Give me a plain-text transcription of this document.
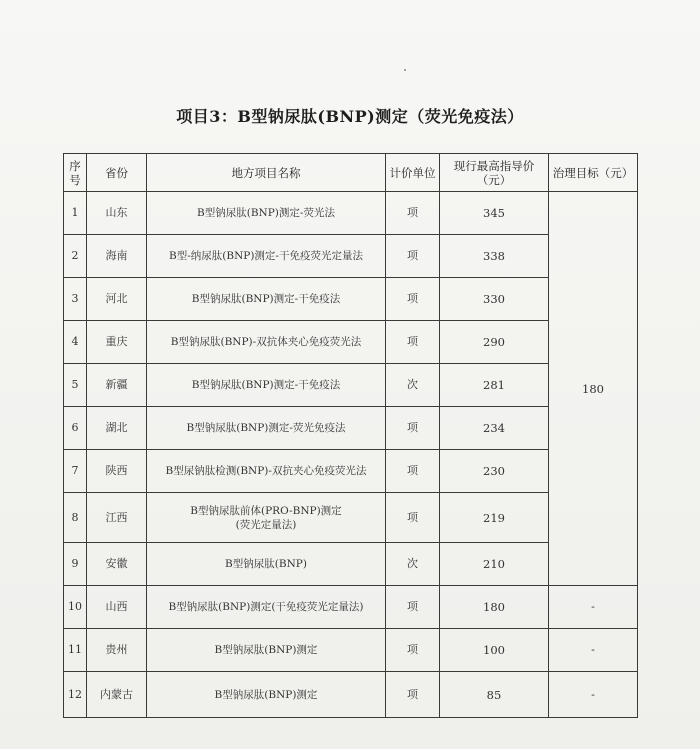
项目3：B型钠尿肽(BNP)测定（荧光免疫法）
序号	省份	地方项目名称	计价单位	现行最高指导价（元）	治理目标（元）
1	山东	B型钠尿肽(BNP)测定-荧光法	项	345	180
2	海南	B型-纳尿肽(BNP)测定-干免疫荧光定量法	项	338	
3	河北	B型钠尿肽(BNP)测定-干免疫法	项	330	
4	重庆	B型钠尿肽(BNP)-双抗体夹心免疫荧光法	项	290	
5	新疆	B型钠尿肽(BNP)测定-干免疫法	次	281	
6	湖北	B型钠尿肽(BNP)测定-荧光免疫法	项	234	
7	陕西	B型尿钠肽检测(BNP)-双抗夹心免疫荧光法	项	230	
8	江西	B型钠尿肽前体(PRO-BNP)测定
(荧光定量法)	项	219	
9	安徽	B型钠尿肽(BNP)	次	210	
10	山西	B型钠尿肽(BNP)测定(干免疫荧光定量法)	项	180	-
11	贵州	B型钠尿肽(BNP)测定	项	100	-
12	内蒙古	B型钠尿肽(BNP)测定	项	85	-
